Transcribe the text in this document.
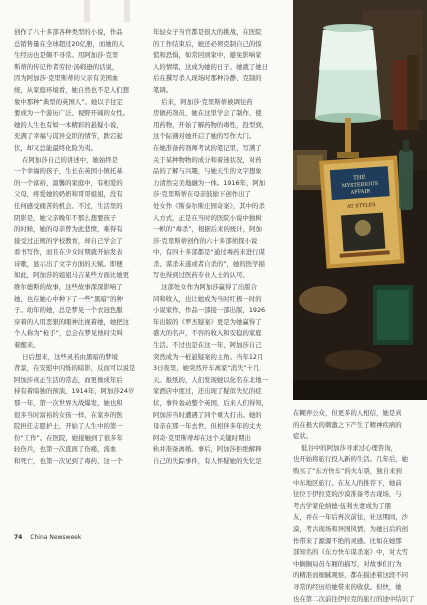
THE
MYSTERIOUS
AFFAIR
AT STYLES
创作了八十多部各种类型的小说，作品
总销售量在全球超过20亿册，而她的人
生经历也是颇不寻常。用阿加莎·克里
斯蒂的传记作者劳拉·汤姆逊的话说，
因为阿加莎·克里斯蒂的父亲有美国血
统，从家庭环境看，她自然也不是人们想
象中那种“典型的英国人”。她以手往定
要成为一个游历广泛、视野开阔的女性。
她的人生也有如一本精彩的悬疑小说，
充满了幸福与谎异交织的情节，跌宕起
伏，却又总能最终化险为夷。
在阿加莎自己的讲述中，她始终是
一个幸福的孩子，生长在英国小镇托基
的一个富裕、温馨的家庭中，有相爱的
父母，疼爱她的奶奶和哥哥姐姐，没有
任何感受痛苦的机会。不过，生活里的
阴影是，她父亲晚年不那么想要孩子
的时候，她的母亲曾为此悲愤，难得有
接受过正规的学校教育，却自己学会了
看书写作，而且在少女时期就开始发表
诗歌，显示出了文字方面的天赋。即便
如此，阿加莎的姐姐马吉某些方面比她更
维尔德斯的故事，这些故事深深影响了
她，也在她心中种下了一些“黑暗”的种
子。幼年的她，总是梦见一个衣冠色服
穿着的人用恶狠的眼神注视着她，她把这
个人称为“枪手”，总会在梦见他时尖叫
着醒来。
日后想来，这些灵若由黑暗的梦境
背景，在安慰中闪烁的暗影，反而可以说是
阿加莎真正生活的常态，而更像成年后
持有着暗独的预演，1914年，阿加莎24岁
那一年，第一次世界大战爆发，她也和
很多当时富裕的女孩一样，在家乡的医
院担任志愿护士，开始了人生中的第一
份“工作”。在医院，她接触到了很多年
轻伤兵，也第一次直面了伤痛，流血
和死亡，也第一次见到了毒药，这一个
年轻女子当官都是很大的挑战，在医院
的工作结束后，她还必须克制自己的惊
慌和恐惧，如常回到家中，避免影响家
人的情绪，这成为她的日子。她就了她日
后在撰写杀人现场时那种冷静、克制的
笔调。
后来，阿加莎·克里斯蒂被调往药
房做药剂员，她在这里学会了制作、使
用药物，开始了解药物的毒性，投型到，
这个际遇对她开启了她的写作大门。
在她准备药剂师考试的笔记里，写满了
关于某种物物的成分和着迷状况，对药
品的了解与兴趣，与她天生的文字想象
力清然完美地融为一体。1916年，阿加
莎·克里斯蒂在母亲鼓励下创作出了
处女作《斯泰尔斯庄园奇案》，其中的杀
人方式，正是在当时的医院小说中独树
一帜的“毒杀”，根据后来的统计，阿加
莎·克里斯蒂创作的六十多部侦探小说
中，有四十多部都是“通过毒药来进行谋
杀、谋杀未遂或者自杀的”，她的医学描
写也得到过医药专业人士的认可。
这部处女作为阿加莎赢得了出版合
同和收入，也让她成为当时红极一时的
小说家作，作品一部接一部出版，1926
年出版的《罗杰疑案》更是为她赢得了
盛大的名声，不容的收入和安稳的家庭
生活。不过也是在这一年，阿加莎自己
突然成为一桩悬疑案的主角。当年12月
3日夜里，她突然开车离家“消失”十几
天。报纸的，人们发现她以化名在北地一
家酒店中度过，还出现了疑似失忆的症
状，事件轰动整个英国，后来人们得知，
阿加莎当时遭遇了同个重大打击。她的
母亲在那一年去世，但相伴多年的丈夫
阿奇·克里斯蒂却在这个关键时期出
轨并准备离婚。事后，阿加莎拒绝解释
自己的失踪事件，有人怀疑她的失忆是
在糊弄公众，但更多的人相信，她是真
的在极大的刺激之下产生了精神疾病的
症状。
低谷中的阿加莎寻求过心理咨询，
也开始将旅行投入新的生活。几年后，她
购买了“东方快车”的火车票，独自来到
中东地区旅行。在友人的推荐下，她前
往位于伊拉克的沙漠准备考古现场，与
考古学家伦纳德·伍利夫妻成为了朋
友，并在一年后再次前往，社这期间，沙
漠，考古现场和异国风情，为她日后的创
作带来了源源不绝的灵感。比如在她那
部知名的《东方快车谋杀案》中，对大雪
中搁搁局员车厢的描写，对故事们行为
的精准而细腻观察，都在描述着这段不同
寻常的经历给她带来的收获。但快，她
也在第二次前往伊拉克的旅行的途中结识了
74 China Newsweek
